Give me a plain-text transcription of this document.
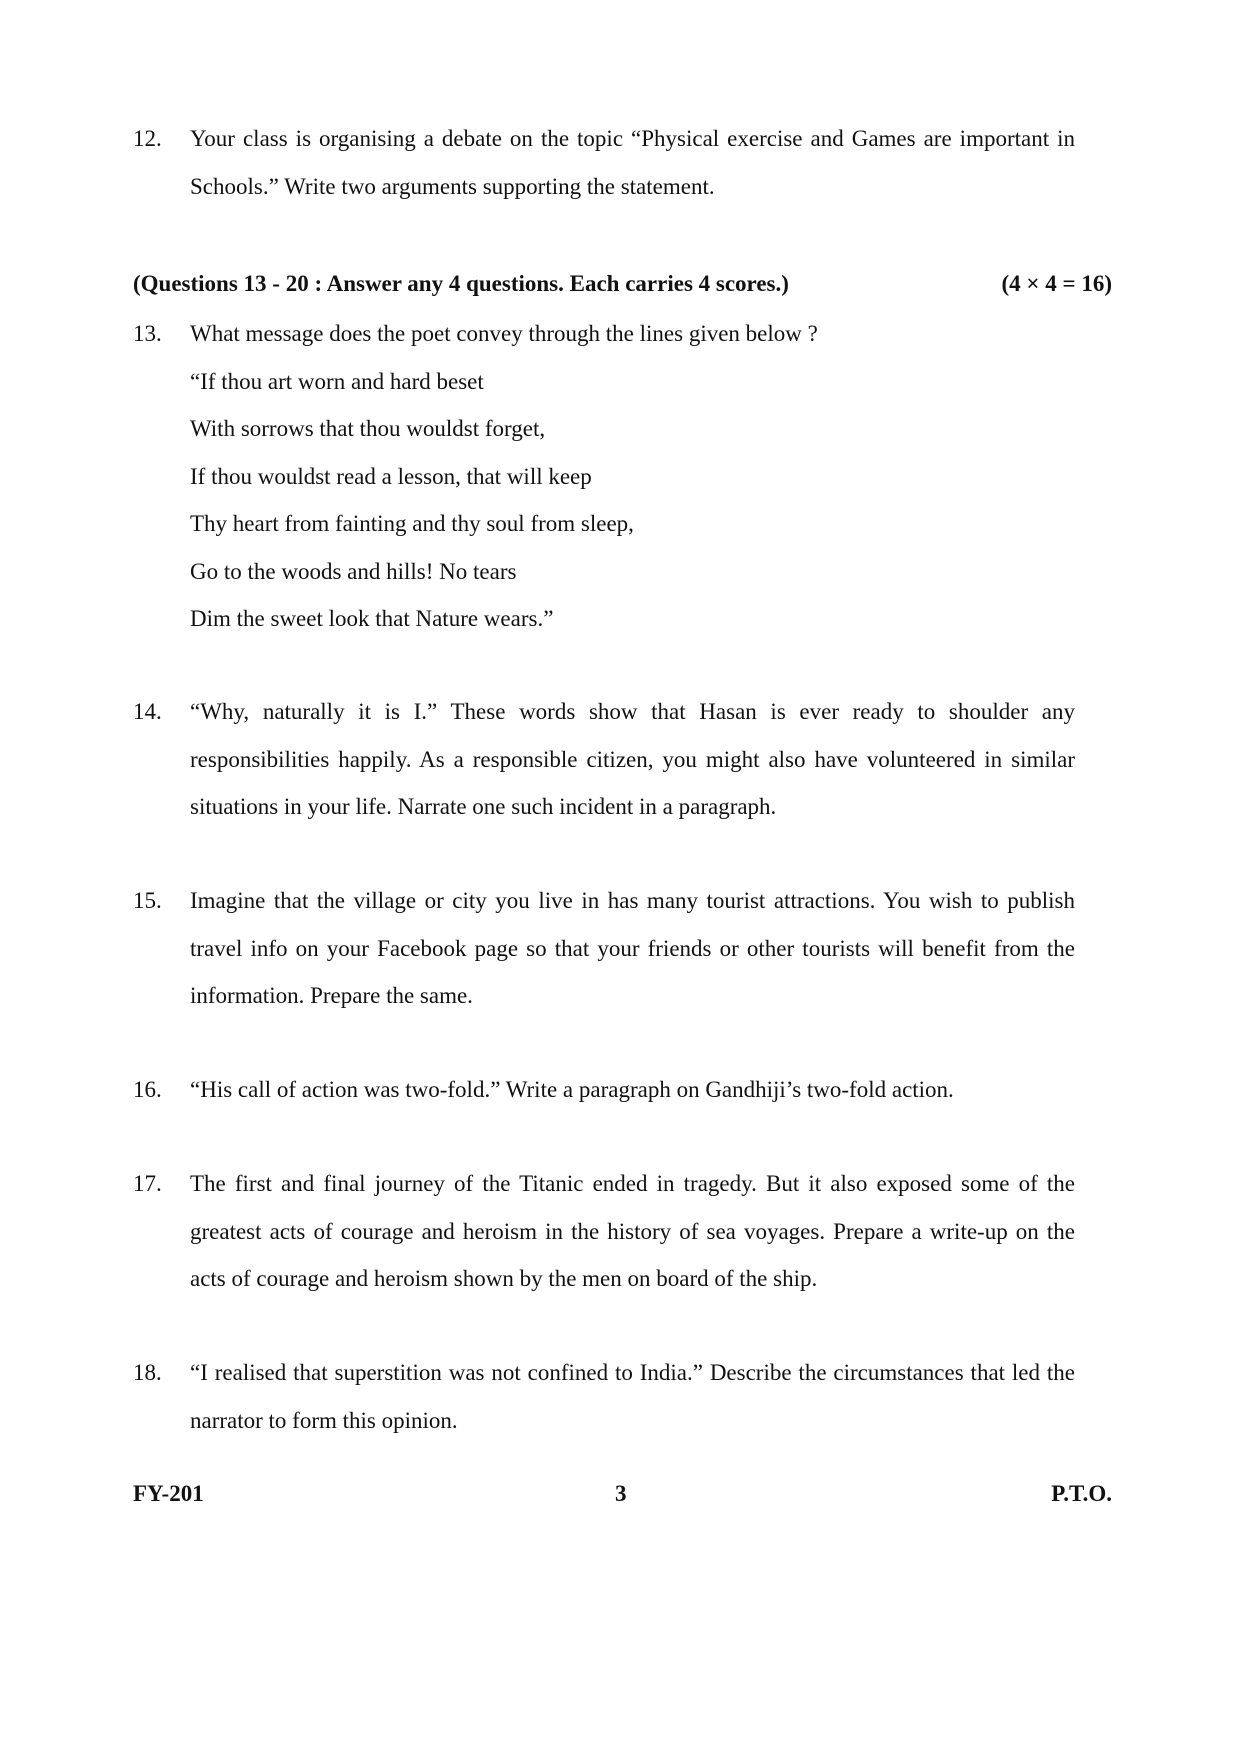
12.	Your class is organising a debate on the topic “Physical exercise and Games are important in Schools.” Write two arguments supporting the statement.
(Questions 13 - 20 : Answer any 4 questions. Each carries 4 scores.)	(4 × 4 = 16)
13.	What message does the poet convey through the lines given below ?
“If thou art worn and hard beset
With sorrows that thou wouldst forget,
If thou wouldst read a lesson, that will keep
Thy heart from fainting and thy soul from sleep,
Go to the woods and hills! No tears
Dim the sweet look that Nature wears.”
14.	“Why, naturally it is I.” These words show that Hasan is ever ready to shoulder any responsibilities happily. As a responsible citizen, you might also have volunteered in similar situations in your life. Narrate one such incident in a paragraph.
15.	Imagine that the village or city you live in has many tourist attractions. You wish to publish travel info on your Facebook page so that your friends or other tourists will benefit from the information. Prepare the same.
16.	“His call of action was two-fold.” Write a paragraph on Gandhiji’s two-fold action.
17.	The first and final journey of the Titanic ended in tragedy. But it also exposed some of the greatest acts of courage and heroism in the history of sea voyages. Prepare a write-up on the acts of courage and heroism shown by the men on board of the ship.
18.	“I realised that superstition was not confined to India.” Describe the circumstances that led the narrator to form this opinion.
FY-201	3	P.T.O.
